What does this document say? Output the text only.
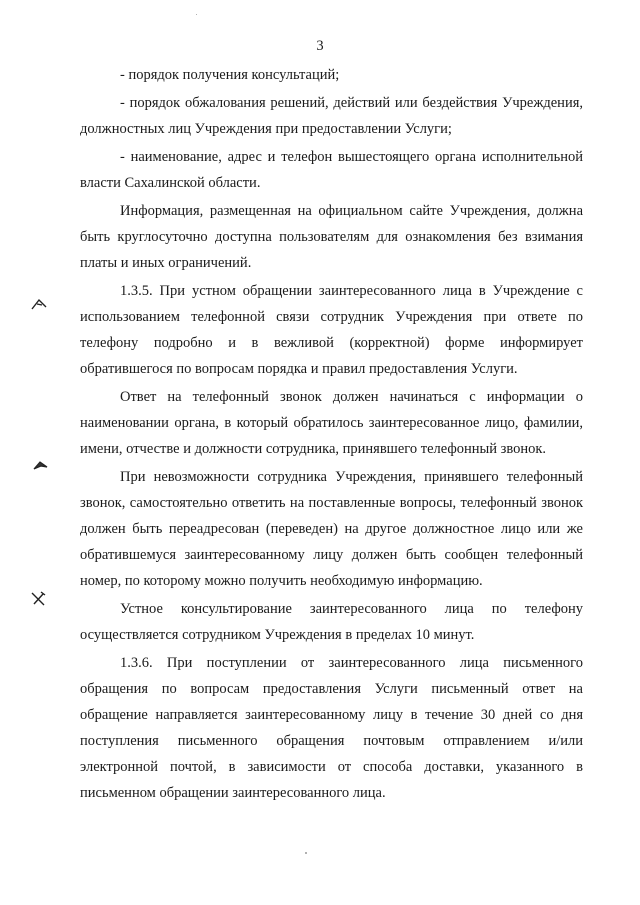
3

- порядок получения консультаций;

- порядок обжалования решений, действий или бездействия Учреждения, должностных лиц Учреждения при предоставлении Услуги;

- наименование, адрес и телефон вышестоящего органа исполнительной власти Сахалинской области.

Информация, размещенная на официальном сайте Учреждения, должна быть круглосуточно доступна пользователям для ознакомления без взимания платы и иных ограничений.

1.3.5. При устном обращении заинтересованного лица в Учреждение с использованием телефонной связи сотрудник Учреждения при ответе по телефону подробно и в вежливой (корректной) форме информирует обратившегося по вопросам порядка и правил предоставления Услуги.

Ответ на телефонный звонок должен начинаться с информации о наименовании органа, в который обратилось заинтересованное лицо, фамилии, имени, отчестве и должности сотрудника, принявшего телефонный звонок.

При невозможности сотрудника Учреждения, принявшего телефонный звонок, самостоятельно ответить на поставленные вопросы, телефонный звонок должен быть переадресован (переведен) на другое должностное лицо или же обратившемуся заинтересованному лицу должен быть сообщен телефонный номер, по которому можно получить необходимую информацию.

Устное консультирование заинтересованного лица по телефону осуществляется сотрудником Учреждения в пределах 10 минут.

1.3.6. При поступлении от заинтересованного лица письменного обращения по вопросам предоставления Услуги письменный ответ на обращение направляется заинтересованному лицу в течение 30 дней со дня поступления письменного обращения почтовым отправлением и/или электронной почтой, в зависимости от способа доставки, указанного в письменном обращении заинтересованного лица.
